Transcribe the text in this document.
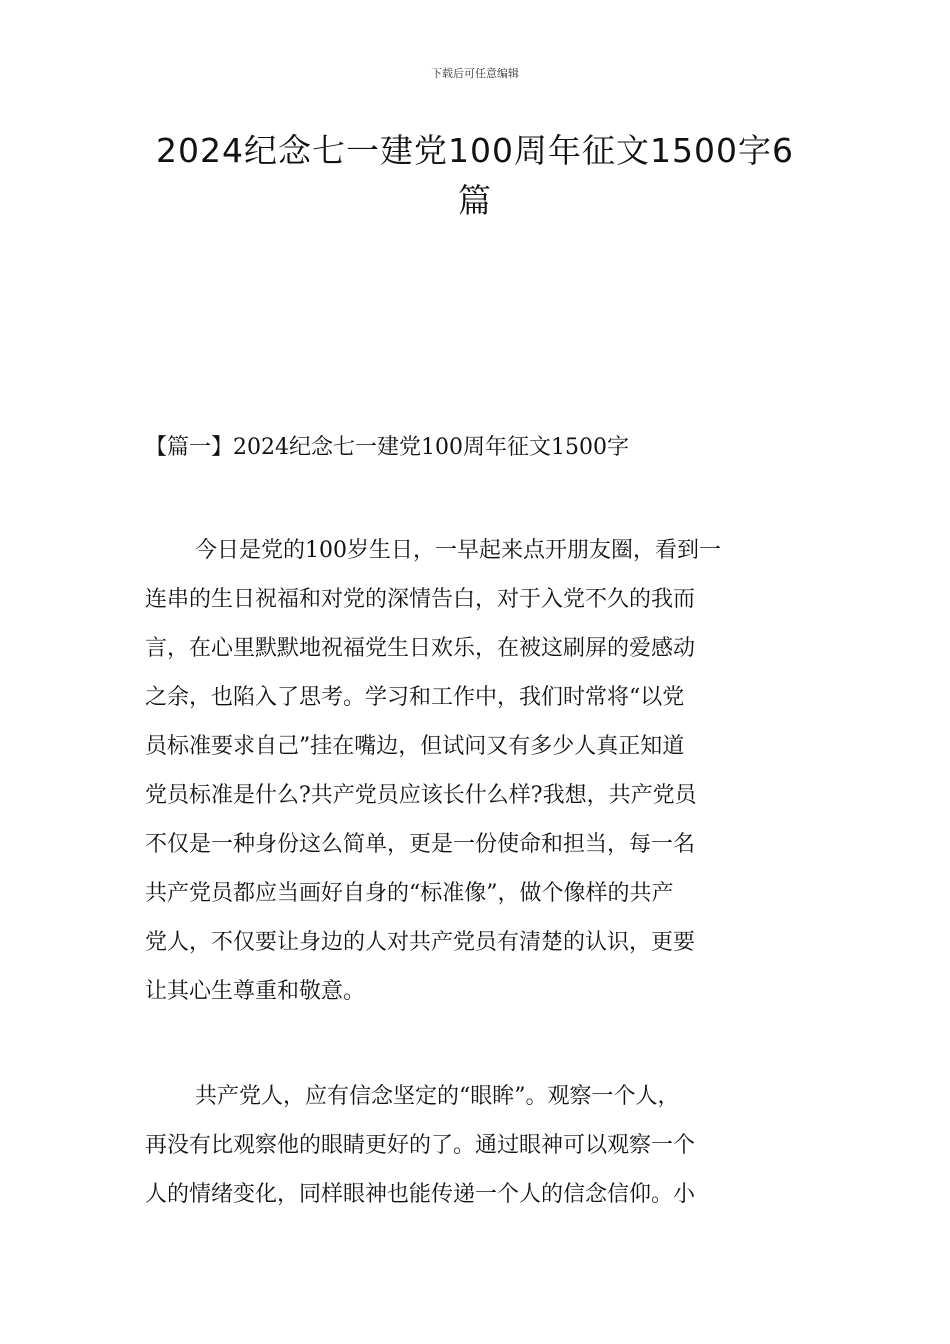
下载后可任意编辑
2024纪念七一建党100周年征文1500字6篇
【篇一】2024纪念七一建党100周年征文1500字
今日是党的100岁生日，一早起来点开朋友圈，看到一
连串的生日祝福和对党的深情告白，对于入党不久的我而
言，在心里默默地祝福党生日欢乐，在被这刷屏的爱感动
之余，也陷入了思考。学习和工作中，我们时常将“以党
员标准要求自己”挂在嘴边，但试问又有多少人真正知道
党员标准是什么?共产党员应该长什么样?我想，共产党员
不仅是一种身份这么简单，更是一份使命和担当，每一名
共产党员都应当画好自身的“标准像”，做个像样的共产
党人，不仅要让身边的人对共产党员有清楚的认识，更要
让其心生尊重和敬意。
共产党人，应有信念坚定的“眼眸”。观察一个人，
再没有比观察他的眼睛更好的了。通过眼神可以观察一个
人的情绪变化，同样眼神也能传递一个人的信念信仰。小
